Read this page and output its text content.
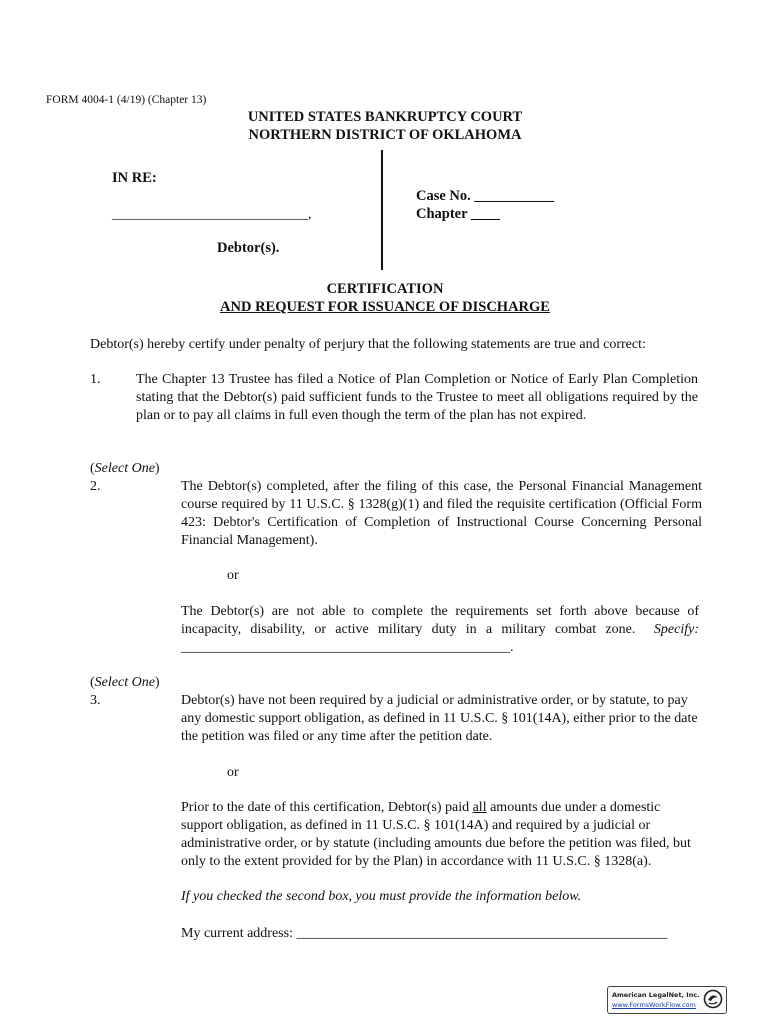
FORM 4004-1 (4/19) (Chapter 13)
UNITED STATES BANKRUPTCY COURT
NORTHERN DISTRICT OF OKLAHOMA
IN RE:
____________________________,
Debtor(s).
Case No. ___________
Chapter ____
CERTIFICATION
AND REQUEST FOR ISSUANCE OF DISCHARGE
Debtor(s) hereby certify under penalty of perjury that the following statements are true and correct:
1.	The Chapter 13 Trustee has filed a Notice of Plan Completion or Notice of Early Plan Completion stating that the Debtor(s) paid sufficient funds to the Trustee to meet all obligations required by the plan or to pay all claims in full even though the term of the plan has not expired.
(Select One)
2.	The Debtor(s) completed, after the filing of this case, the Personal Financial Management course required by 11 U.S.C. § 1328(g)(1) and filed the requisite certification (Official Form 423: Debtor's Certification of Completion of Instructional Course Concerning Personal Financial Management).
or
The Debtor(s) are not able to complete the requirements set forth above because of incapacity, disability, or active military duty in a military combat zone. Specify: _______________________________________________.
(Select One)
3.	Debtor(s) have not been required by a judicial or administrative order, or by statute, to pay any domestic support obligation, as defined in 11 U.S.C. § 101(14A), either prior to the date the petition was filed or any time after the petition date.
or
Prior to the date of this certification, Debtor(s) paid all amounts due under a domestic support obligation, as defined in 11 U.S.C. § 101(14A) and required by a judicial or administrative order, or by statute (including amounts due before the petition was filed, but only to the extent provided for by the Plan) in accordance with 11 U.S.C. § 1328(a).
If you checked the second box, you must provide the information below.
My current address: _____________________________________________________
American LegalNet, Inc.
www.FormsWorkFlow.com
